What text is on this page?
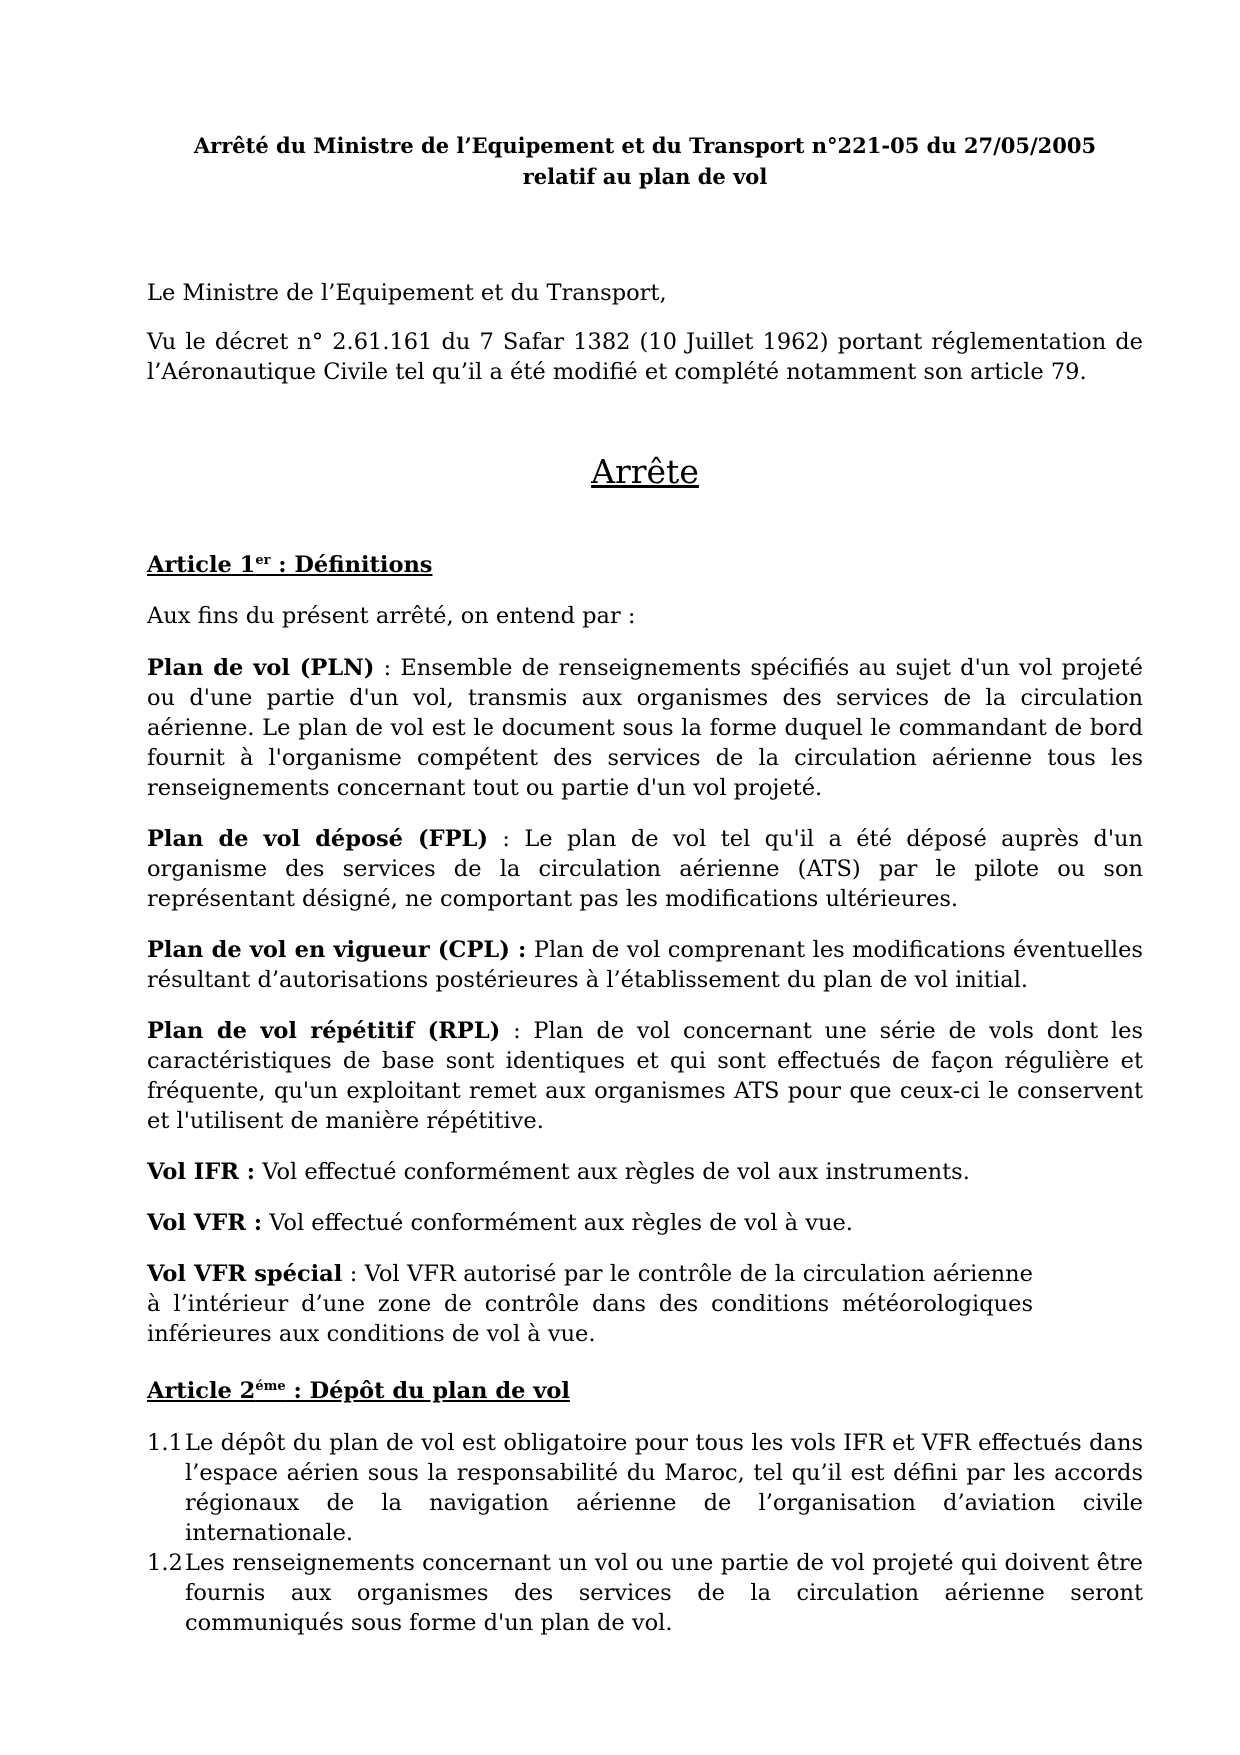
Arrêté du Ministre de l’Equipement et du Transport n°221-05 du 27/05/2005
relatif au plan de vol

Le Ministre de l’Equipement et du Transport,

Vu le décret n° 2.61.161 du 7 Safar 1382 (10 Juillet 1962) portant réglementation de l’Aéronautique Civile tel qu’il a été modifié et complété notamment son article 79.

Arrête
Article 1er : Définitions

Aux fins du présent arrêté, on entend par :

Plan de vol (PLN) : Ensemble de renseignements spécifiés au sujet d'un vol projeté ou d'une partie d'un vol, transmis aux organismes des services de la circulation aérienne. Le plan de vol est le document sous la forme duquel le commandant de bord fournit à l'organisme compétent des services de la circulation aérienne tous les renseignements concernant tout ou partie d'un vol projeté.

Plan de vol déposé (FPL) : Le plan de vol tel qu'il a été déposé auprès d'un organisme des services de la circulation aérienne (ATS) par le pilote ou son représentant désigné, ne comportant pas les modifications ultérieures.

Plan de vol en vigueur (CPL) : Plan de vol comprenant les modifications éventuelles résultant d’autorisations postérieures à l’établissement du plan de vol initial.

Plan de vol répétitif (RPL) : Plan de vol concernant une série de vols dont les caractéristiques de base sont identiques et qui sont effectués de façon régulière et fréquente, qu'un exploitant remet aux organismes ATS pour que ceux-ci le conservent et l'utilisent de manière répétitive.

Vol IFR : Vol effectué conformément aux règles de vol aux instruments.

Vol VFR : Vol effectué conformément aux règles de vol à vue.

Vol VFR spécial : Vol VFR autorisé par le contrôle de la circulation aérienne à l’intérieur d’une zone de contrôle dans des conditions météorologiques inférieures aux conditions de vol à vue.

Article $2^{éme}$ : Dépôt du plan de vol
1.1 Le dépôt du plan de vol est obligatoire pour tous les vols IFR et VFR effectués dans l’espace aérien sous la responsabilité du Maroc, tel qu’il est défini par les accords régionaux de la navigation aérienne de l’organisation d’aviation civile internationale.
1.2 Les renseignements concernant un vol ou une partie de vol projeté qui doivent être fournis aux organismes des services de la circulation aérienne seront communiqués sous forme d'un plan de vol.
